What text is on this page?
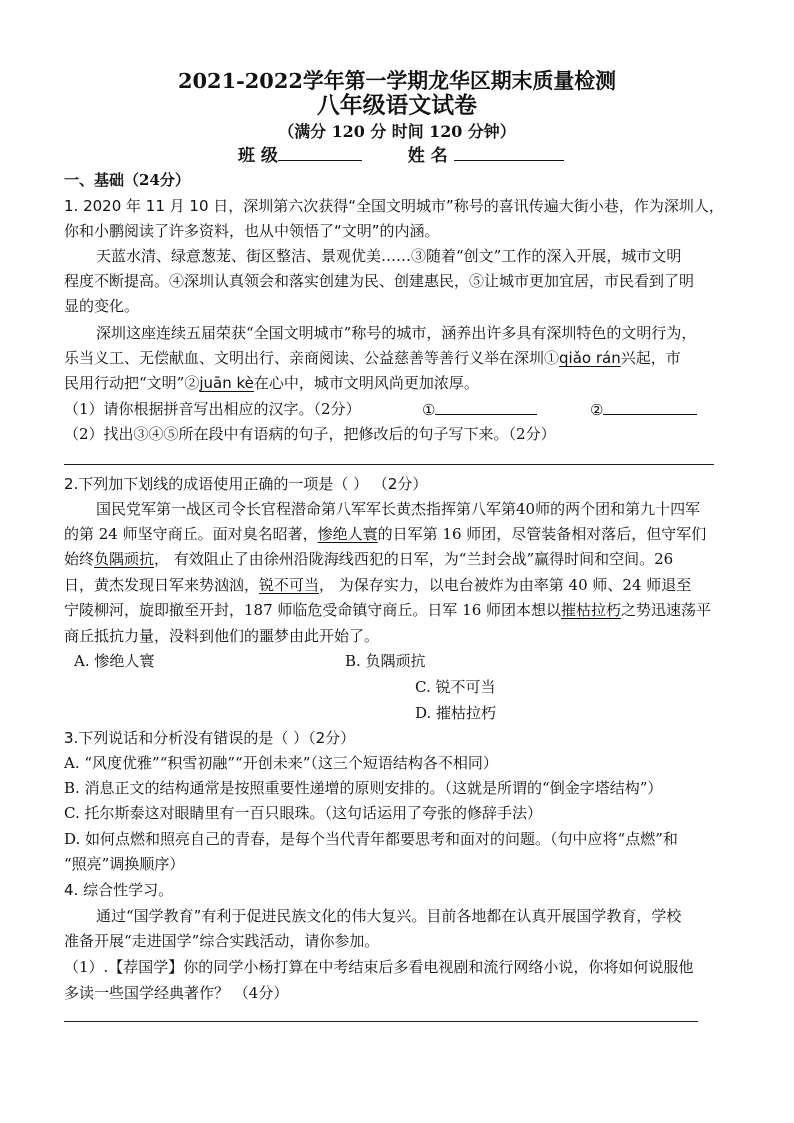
2021-2022学年第一学期龙华区期末质量检测
八年级语文试卷
（满分 120 分 时间 120 分钟）
班 级	姓 名
一、基础（24分）
1. 2020 年 11 月 10 日，深圳第六次获得“全国文明城市”称号的喜讯传遍大街小巷，作为深圳人，
你和小鹏阅读了许多资料，也从中领悟了“文明”的内涵。
天蓝水清、绿意葱茏、街区整洁、景观优美……③随着“创文”工作的深入开展，城市文明
程度不断提高。④深圳认真领会和落实创建为民、创建惠民，⑤让城市更加宜居，市民看到了明
显的变化。
深圳这座连续五届荣获“全国文明城市”称号的城市，涵养出许多具有深圳特色的文明行为，
乐当义工、无偿献血、文明出行、亲商阅读、公益慈善等善行义举在深圳①qiǎo rán兴起，市
民用行动把“文明”②juān kè在心中，城市文明风尚更加浓厚。
（1）请你根据拼音写出相应的汉字。（2分）	①	②
（2）找出③④⑤所在段中有语病的句子，把修改后的句子写下来。（2分）
2.下列加下划线的成语使用正确的一项是（ ） （2分）
国民党军第一战区司令长官程潜命第八军军长黄杰指挥第八军第40师的两个团和第九十四军
的第 24 师坚守商丘。面对臭名昭著，惨绝人寰的日军第 16 师团，尽管装备相对落后，但守军们
始终负隅顽抗， 有效阻止了由徐州沿陇海线西犯的日军，为“兰封会战”赢得时间和空间。26
日，黄杰发现日军来势汹汹，锐不可当， 为保存实力，以电台被炸为由率第 40 师、24 师退至
宁陵柳河，旋即撤至开封，187 师临危受命镇守商丘。日军 16 师团本想以摧枯拉朽之势迅速荡平
商丘抵抗力量，没料到他们的噩梦由此开始了。
A. 惨绝人寰	B. 负隅顽抗
C. 锐不可当
D. 摧枯拉朽
3.下列说话和分析没有错误的是（ ）（2分）
A. “风度优雅”“积雪初融”“开创未来”（这三个短语结构各不相同）
B. 消息正文的结构通常是按照重要性递增的原则安排的。（这就是所谓的“倒金字塔结构”）
C. 托尔斯泰这对眼睛里有一百只眼珠。（这句话运用了夸张的修辞手法）
D. 如何点燃和照亮自己的青春，是每个当代青年都要思考和面对的问题。（句中应将“点燃”和
“照亮”调换顺序）
4. 综合性学习。
通过“国学教育”有利于促进民族文化的伟大复兴。目前各地都在认真开展国学教育，学校
准备开展“走进国学”综合实践活动，请你参加。
（1）.【荐国学】你的同学小杨打算在中考结束后多看电视剧和流行网络小说，你将如何说服他
多读一些国学经典著作？ （4分）
